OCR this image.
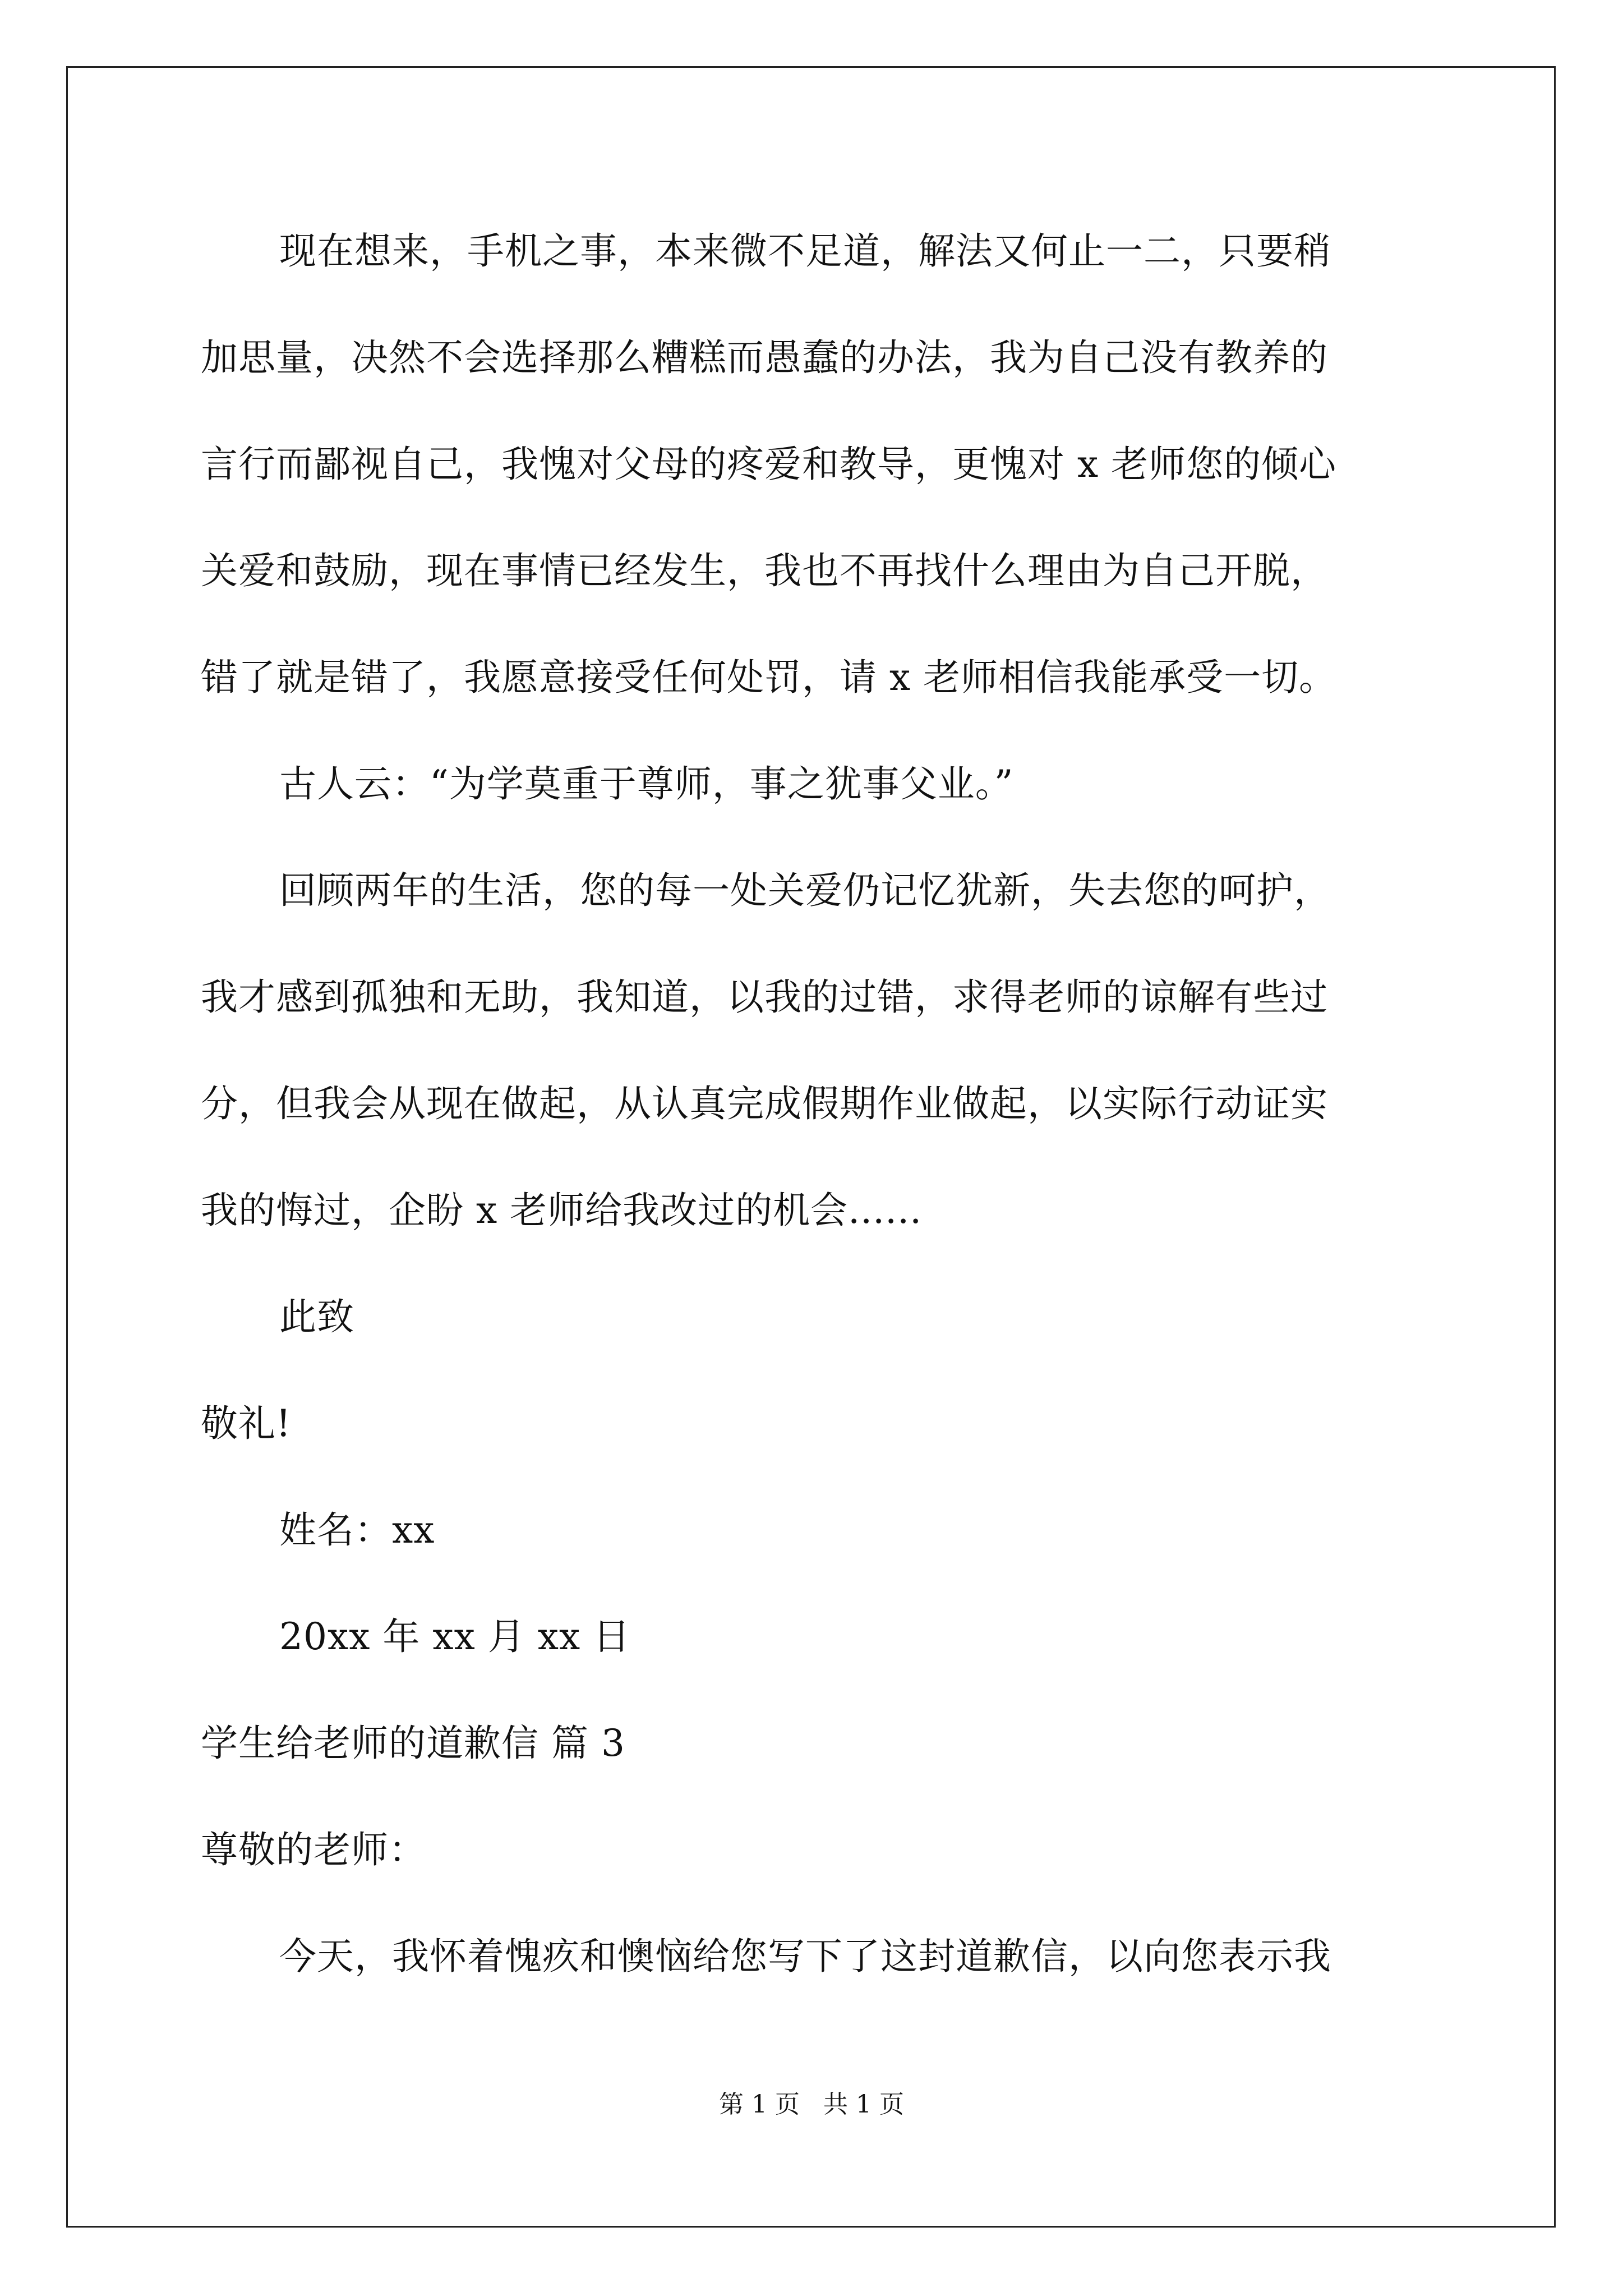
现在想来，手机之事，本来微不足道，解法又何止一二，只要稍
加思量，决然不会选择那么糟糕而愚蠢的办法，我为自己没有教养的
言行而鄙视自己，我愧对父母的疼爱和教导，更愧对 x 老师您的倾心
关爱和鼓励，现在事情已经发生，我也不再找什么理由为自己开脱，
错了就是错了，我愿意接受任何处罚，请 x 老师相信我能承受一切。
古人云：“为学莫重于尊师，事之犹事父业。”
回顾两年的生活，您的每一处关爱仍记忆犹新，失去您的呵护，
我才感到孤独和无助，我知道，以我的过错，求得老师的谅解有些过
分，但我会从现在做起，从认真完成假期作业做起，以实际行动证实
我的悔过，企盼 x 老师给我改过的机会......
此致
敬礼!
姓名：xx
20xx 年 xx 月 xx 日
学生给老师的道歉信 篇 3
尊敬的老师：
今天，我怀着愧疚和懊恼给您写下了这封道歉信，以向您表示我
第 1 页   共 1 页
